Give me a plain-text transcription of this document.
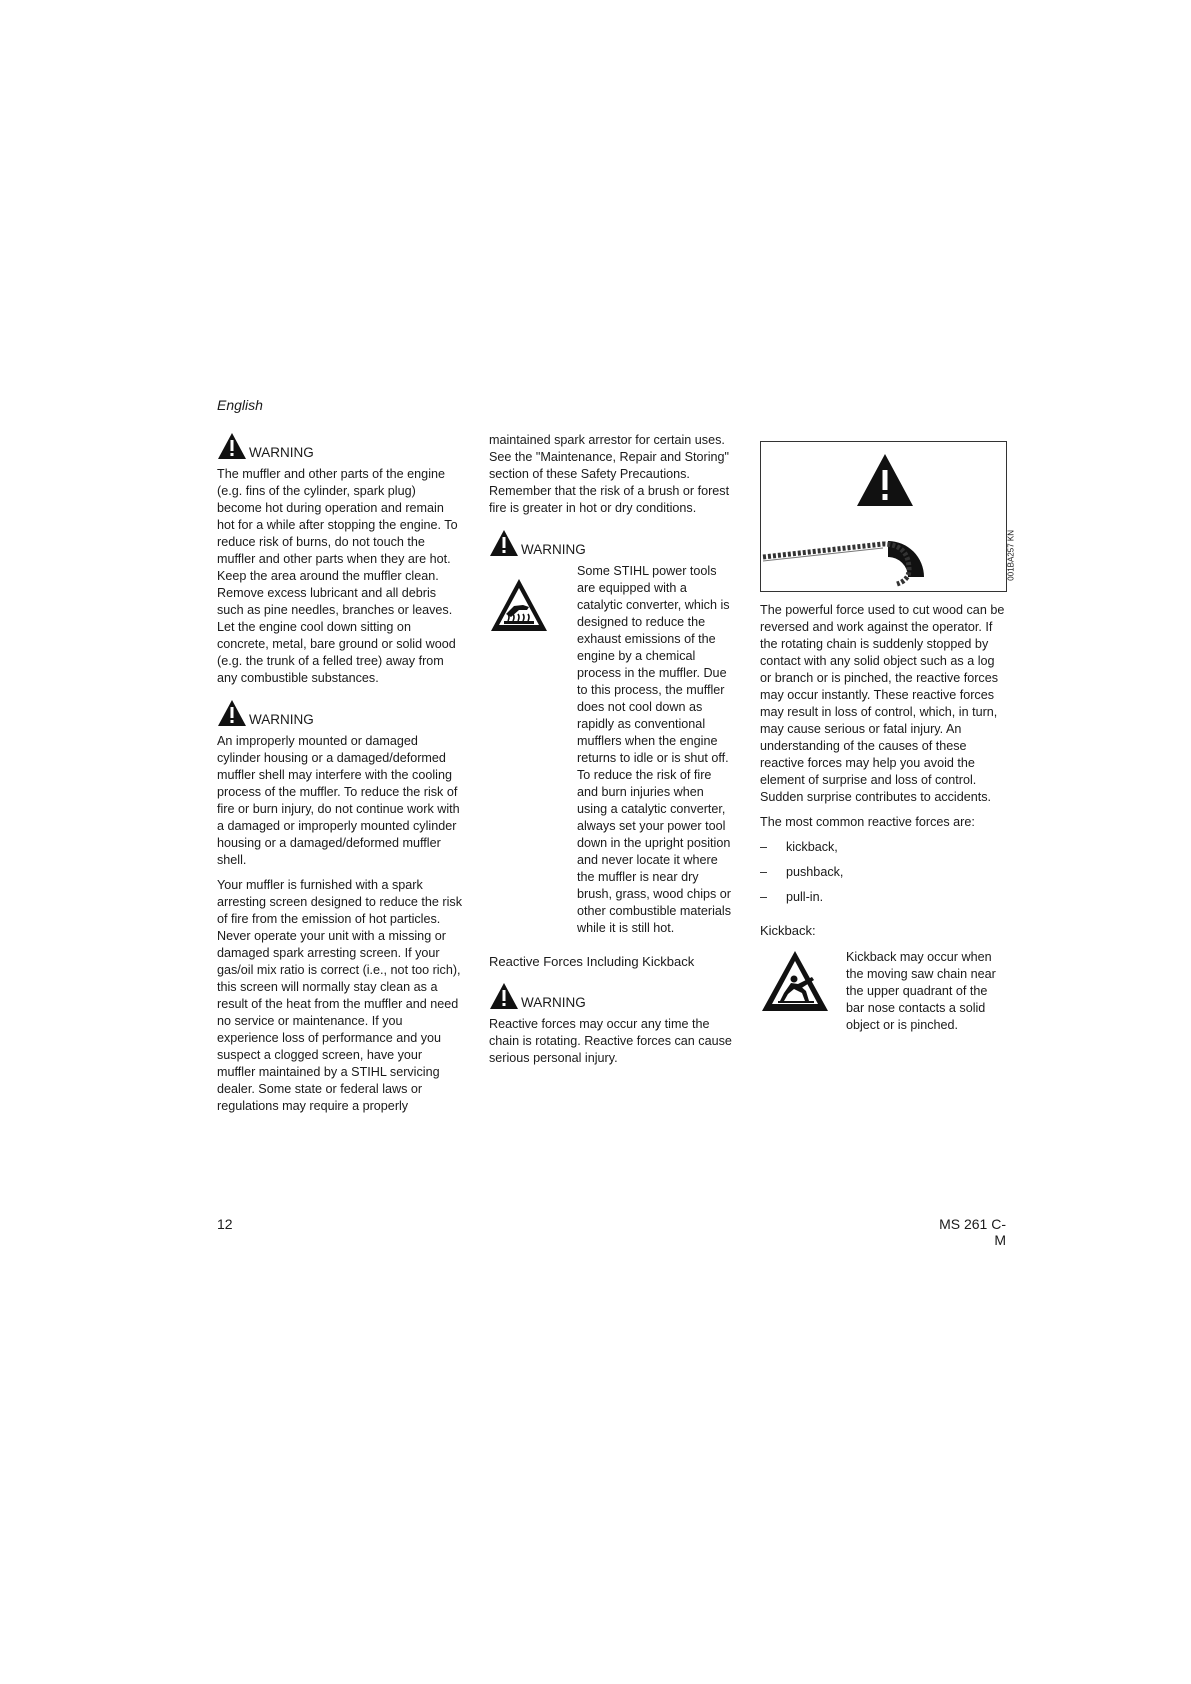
English
WARNING

The muffler and other parts of the engine (e.g. fins of the cylinder, spark plug) become hot during operation and remain hot for a while after stopping the engine. To reduce risk of burns, do not touch the muffler and other parts when they are hot. Keep the area around the muffler clean. Remove excess lubricant and all debris such as pine needles, branches or leaves. Let the engine cool down sitting on concrete, metal, bare ground or solid wood (e.g. the trunk of a felled tree) away from any combustible substances.

WARNING

An improperly mounted or damaged cylinder housing or a damaged/deformed muffler shell may interfere with the cooling process of the muffler. To reduce the risk of fire or burn injury, do not continue work with a damaged or improperly mounted cylinder housing or a damaged/deformed muffler shell.

Your muffler is furnished with a spark arresting screen designed to reduce the risk of fire from the emission of hot particles. Never operate your unit with a missing or damaged spark arresting screen. If your gas/oil mix ratio is correct (i.e., not too rich), this screen will normally stay clean as a result of the heat from the muffler and need no service or maintenance. If you experience loss of performance and you suspect a clogged screen, have your muffler maintained by a STIHL servicing dealer. Some state or federal laws or regulations may require a properly

maintained spark arrestor for certain uses. See the "Maintenance, Repair and Storing" section of these Safety Precautions. Remember that the risk of a brush or forest fire is greater in hot or dry conditions.

WARNING

Some STIHL power tools are equipped with a catalytic converter, which is designed to reduce the exhaust emissions of the engine by a chemical process in the muffler. Due to this process, the muffler does not cool down as rapidly as conventional mufflers when the engine returns to idle or is shut off. To reduce the risk of fire and burn injuries when using a catalytic converter, always set your power tool down in the upright position and never locate it where the muffler is near dry brush, grass, wood chips or other combustible materials while it is still hot.

Reactive Forces Including Kickback
WARNING

Reactive forces may occur any time the chain is rotating. Reactive forces can cause serious personal injury.

001BA257 KN

The powerful force used to cut wood can be reversed and work against the operator. If the rotating chain is suddenly stopped by contact with any solid object such as a log or branch or is pinched, the reactive forces may occur instantly. These reactive forces may result in loss of control, which, in turn, may cause serious or fatal injury. An understanding of the causes of these reactive forces may help you avoid the element of surprise and loss of control. Sudden surprise contributes to accidents.

The most common reactive forces are:

–	kickback,
–	pushback,
–	pull-in.
Kickback:

Kickback may occur when the moving saw chain near the upper quadrant of the bar nose contacts a solid object or is pinched.

12	MS 261 C-M
